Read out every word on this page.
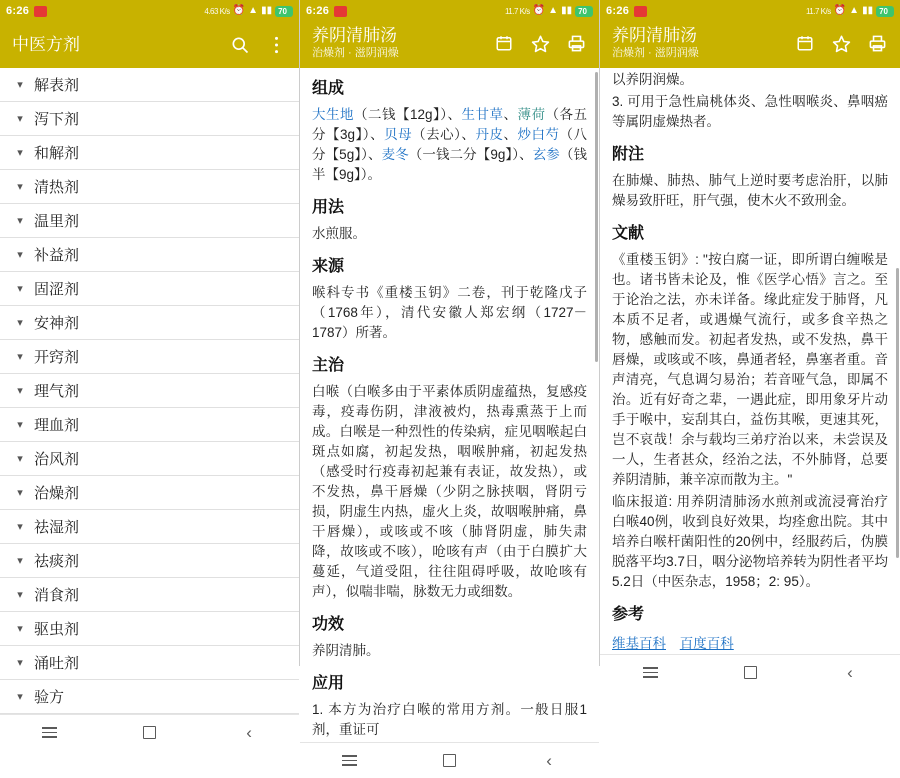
6:26	4.63 K/s ⏰ ▲ ▮▮ 70
中医方剂
▾ 解表剂
▾ 泻下剂
▾ 和解剂
▾ 清热剂
▾ 温里剂
▾ 补益剂
▾ 固涩剂
▾ 安神剂
▾ 开窍剂
▾ 理气剂
▾ 理血剂
▾ 治风剂
▾ 治燥剂
▾ 祛湿剂
▾ 祛痰剂
▾ 消食剂
▾ 驱虫剂
▾ 涌吐剂
▾ 验方
‹
6:26	11.7 K/s ⏰ ▲ ▮▮ 70
养阴清肺汤
治燥剂 · 滋阴润燥
组成

大生地（二钱【12g】）、生甘草、薄荷（各五分【3g】）、贝母（去心）、丹皮、炒白芍（八分【5g】）、麦冬（一钱二分【9g】）、玄参（钱半【9g】）。

用法

水煎服。

来源

喉科专书《重楼玉钥》二卷，刊于乾隆戊子（1768年），清代安徽人郑宏纲（1727－1787）所著。

主治

白喉（白喉多由于平素体质阴虚蕴热，复感疫毒，疫毒伤阴，津液被灼，热毒熏蒸于上而成。白喉是一种烈性的传染病，症见咽喉起白斑点如腐，初起发热，咽喉肿痛，初起发热（感受时行疫毒初起兼有表证，故发热），或不发热，鼻干唇燥（少阴之脉挟咽，肾阴亏损，阴虚生内热，虚火上炎，故咽喉肿痛，鼻干唇燥），或咳或不咳（肺肾阴虚，肺失肃降，故咳或不咳），呛咳有声（由于白膜扩大蔓延，气道受阻，往往阻碍呼吸，故呛咳有声），似喘非喘，脉数无力或细数。

功效

养阴清肺。

应用

1. 本方为治疗白喉的常用方剂。一般日服1剂，重证可

‹
6:26	11.7 K/s ⏰ ▲ ▮▮ 70
养阴清肺汤
治燥剂 · 滋阴润燥

以养阴润燥。

3. 可用于急性扁桃体炎、急性咽喉炎、鼻咽癌等属阴虚燥热者。

附注

在肺燥、肺热、肺气上逆时要考虑治肝，以肺燥易致肝旺，肝气强，使木火不致刑金。

文献

《重楼玉钥》: "按白腐一证，即所谓白缠喉是也。诸书皆未论及，惟《医学心悟》言之。至于论治之法，亦未详备。缘此症发于肺肾，凡本质不足者，或遇燥气流行，或多食辛热之物，感触而发。初起者发热，或不发热，鼻干唇燥，或咳或不咳，鼻通者轻，鼻塞者重。音声清亮，气息调匀易治；若音哑气急，即属不治。近有好奇之辈，一遇此症，即用象牙片动手于喉中，妄刮其白，益伤其喉，更速其死，岂不哀哉！余与载均三弟疗治以来，未尝误及一人，生者甚众，经治之法，不外肺肾，总要养阴清肺，兼辛凉而散为主。"

临床报道: 用养阴清肺汤水煎剂或流浸膏治疗白喉40例，收到良好效果，均痊愈出院。其中培养白喉杆菌阳性的20例中，经服药后，伪膜脱落平均3.7日，咽分泌物培养转为阴性者平均5.2日（中医杂志，1958；2: 95）。

参考
维基百科 百度百科
‹
